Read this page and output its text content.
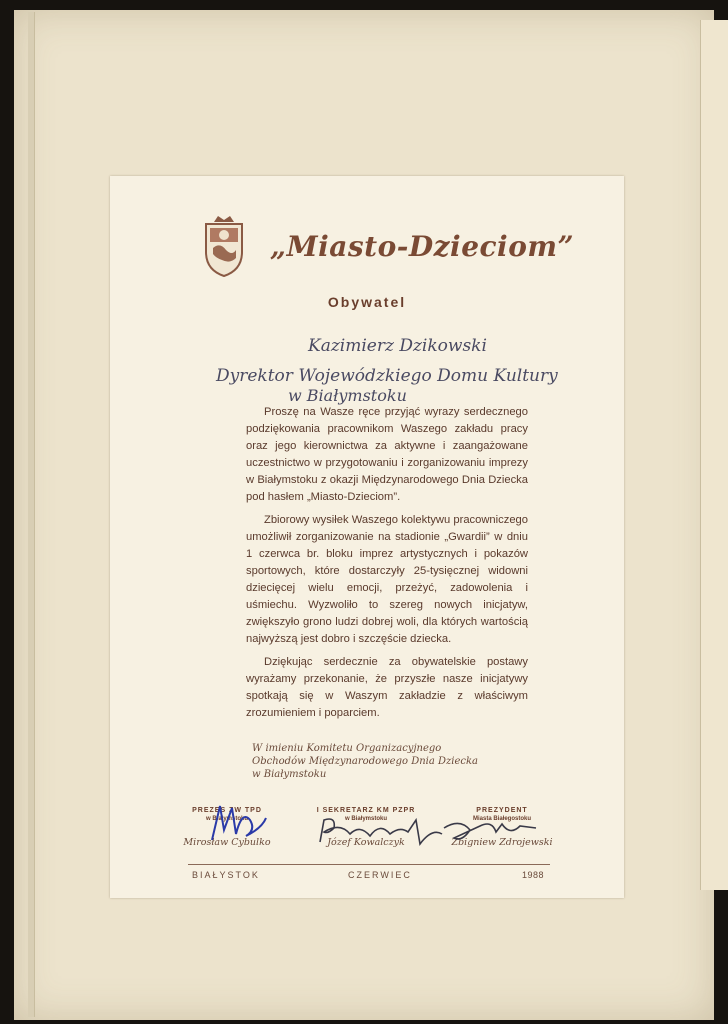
„Miasto-Dzieciom”
Obywatel
Kazimierz Dzikowski
Dyrektor Wojewódzkiego Domu Kultury
w Białymstoku

Proszę na Wasze ręce przyjąć wyrazy serdecznego podziękowania pracownikom Waszego zakładu pracy oraz jego kierownictwa za aktywne i zaangażowane uczestnictwo w przygotowaniu i zorganizowaniu imprezy w Białymstoku z okazji Międzynarodowego Dnia Dziecka pod hasłem „Miasto-Dzieciom”.

Zbiorowy wysiłek Waszego kolektywu pracowniczego umożliwił zorganizowanie na stadionie „Gwardii” w dniu 1 czerwca br. bloku imprez artystycznych i pokazów sportowych, które dostarczyły 25-tysięcznej widowni dziecięcej wielu emocji, przeżyć, zadowolenia i uśmiechu. Wyzwoliło to szereg nowych inicjatyw, zwiększyło grono ludzi dobrej woli, dla których wartością najwyższą jest dobro i szczęście dziecka.

Dziękując serdecznie za obywatelskie postawy wyrażamy przekonanie, że przyszłe nasze inicjatywy spotkają się w Waszym zakładzie z właściwym zrozumieniem i poparciem.

W imieniu Komitetu Organizacyjnego
Obchodów Międzynarodowego Dnia Dziecka
w Białymstoku
PREZES ZW TPD
w Białymstoku
Mirosław Cybulko
I SEKRETARZ KM PZPR
w Białymstoku
Józef Kowalczyk
PREZYDENT
Miasta Białegostoku
Zbigniew Zdrojewski
BIAŁYSTOK	CZERWIEC	1988
